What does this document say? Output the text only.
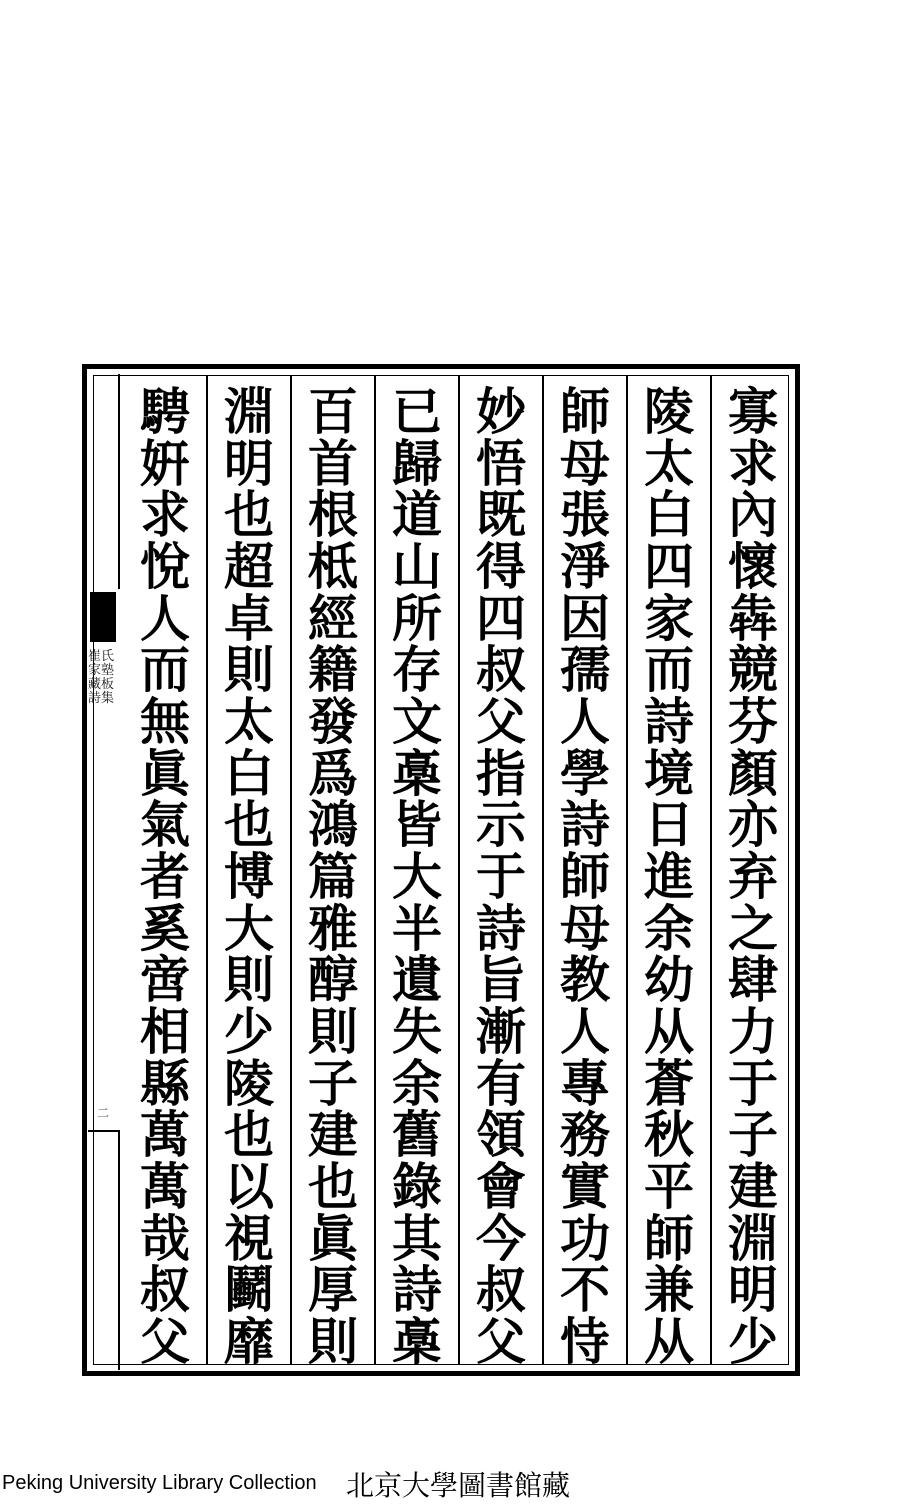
寡
求
內
懷
犇
競
芬
顏
亦
弃
之
肆
力
于
子
建
淵
明
少
陵
太
白
四
家
而
詩
境
日
進
余
幼
从
蒼
秋
平
師
兼
从
師
母
張
淨
因
孺
人
學
詩
師
母
教
人
專
務
實
功
不
恃
妙
悟
既
得
四
叔
父
指
示
于
詩
旨
漸
有
領
會
今
叔
父
已
歸
道
山
所
存
文
槀
皆
大
半
遺
失
余
舊
錄
其
詩
槀
百
首
根
柢
經
籍
發
爲
鴻
篇
雅
醇
則
子
建
也
眞
厚
則
淵
明
也
超
卓
則
太
白
也
博
大
則
少
陵
也
以
視
鬬
靡
騁
姸
求
悅
人
而
無
眞
氣
者
奚
啻
相
縣
萬
萬
哉
叔
父
崔氏家塾藏板詩集
二
Peking University Library Collection 北京大學圖書館藏
